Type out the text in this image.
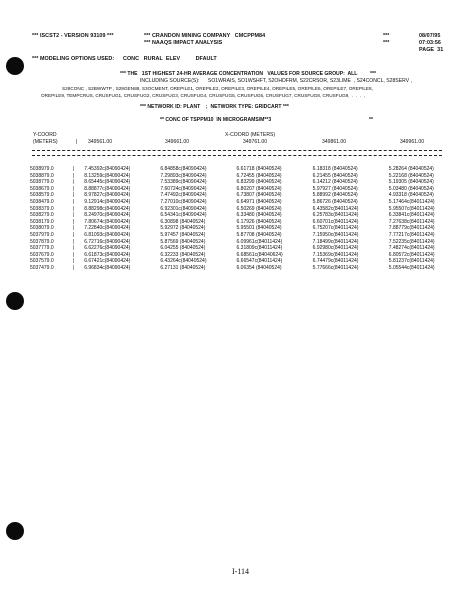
*** ISCST2 - VERSION 93109 ***	*** CRANDON MINING COMPANY   CMCPPM84
*** NAAQS IMPACT ANALYSIS
***
***
08/07/95
07:03:56
PAGE  31
*** MODELING OPTIONS USED: CONC   RURAL  ELEV          DFAULT
*** THE   1ST HIGHEST 24-HR AVERAGE CONCENTRATION   VALUES FOR SOURCE GROUP:  ALL         ***
INCLUDING SOURCE(S):      SO1WRAIS, SO1WSHFT, S2OHDFRM, S22CRSOR, S23LIME  , S24CONCL, S28SERV ,
S28CONC , S2BWWTP , S29GEN88, S3OCMENT, OREPILE1, OREPILE2, OREPILE3, OREPILE4, OREPILE5, OREPILE6, OREPILE7, OREPILE8,
OREPILE9, TEMPCRUS, CRUSFUG1, CRUSFUG2, CRUSFUG3, CRUSFUG4, CRUSFUG5, CRUSFUG6, CRUSFUG7, CRUSFUG8, CRUSFUG9,  .  .  .  ,
*** NETWORK ID: PLANT    ;  NETWORK TYPE: GRIDCART ***
** CONC OF TSPPM10  IN MICROGRAMS/M**3	**
Y-COORD
(METERS)
X-COORD (METERS)
| 349561.00	349661.00	349761.00	349861.00	349961.00
5038979.0	|	7.45392c(84090424)	6.84858c(84090424)	6.61718 (84040524)	6.18318 (84040524)	5.28264 (84040524)
5038879.0	|	8.13259c(84090424)	7.29893c(84090424)	6.72455 (84040524)	6.21455 (84040524)	5.22168 (84040524)
5038779.0	|	8.65445c(84090424)	7.53389c(84090424)	6.83299 (84040524)	6.14212 (84040524)	5.19305 (84040524)
5038679.0	|	8.88877c(84090424)	7.60724c(84090424)	6.80207 (84040524)	5.97927 (84040524)	5.03480 (84040524)
5038579.0	|	8.97827c(84090424)	7.47492c(84090424)	6.73807 (84040524)	5.88992 (84040524)	4.93318 (84040524)
5038479.0	|	9.12914c(84090424)	7.27010c(84090424)	6.64971 (84040524)	5.86726 (84040524)	5.17464c(84011424)
5038379.0	|	8.88298c(84090424)	6.92301c(84090424)	6.50269 (84040524)	6.43582c(84011424)	5.95507c(84011424)
5038279.0	|	8.24970c(84090424)	6.54341c(84090424)	6.33480 (84040524)	6.25783c(84011424)	6.33841c(84011424)
5038179.0	|	7.80674c(84090424)	6.30898 (84040524)	6.17926 (84040524)	6.60701c(84011424)	7.27638c(84011424)
5038079.0	|	7.22840c(84090424)	5.92972 (84040524)	5.95501 (84040524)	6.75207c(84011424)	7.88779c(84011424)
5037979.0	|	6.81093c(84090424)	5.97457 (84040524)	5.87708 (84040524)	7.15950c(84011424)	7.77217c(84011424)
5037879.0	|	6.72716c(84090424)	5.87569 (84040524)	6.09961c(84011424)	7.18499c(84011424)	7.52235c(84011424)
5037779.0	|	6.62276c(84090424)	6.04255 (84040524)	6.31809c(84011424)	6.92980c(84011424)	7.48274c(84011424)
5037679.0	|	6.61873c(84090424)	6.32233 (84040524)	6.68561c(84040624)	7.15369c(84011424)	6.80572c(84011424)
5037579.0	|	6.67421c(84090424)	6.43264c(84040524)	6.66547c(84011424)	6.74479c(84011424)	5.81237c(84011424)
5037479.0	|	6.96834c(84090424)	6.27131 (84040524)	6.06354 (84040524)	5.77666c(84011424)	5.05544c(84011424)
I-114
